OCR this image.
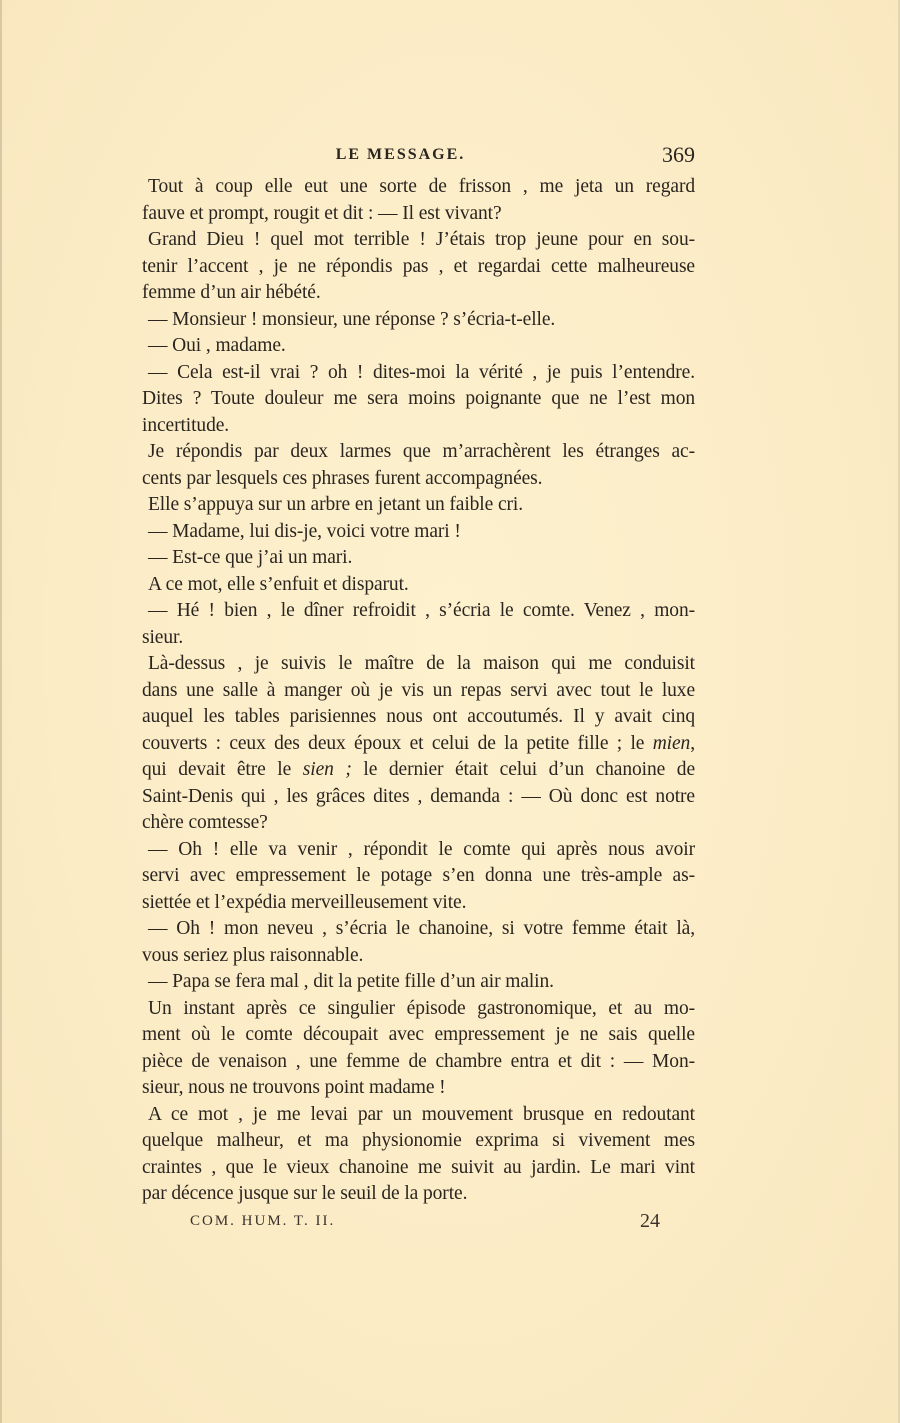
LE MESSAGE.	369
Tout à coup elle eut une sorte de frisson , me jeta un regard
fauve et prompt, rougit et dit : — Il est vivant?
Grand Dieu ! quel mot terrible ! J’étais trop jeune pour en sou-
tenir l’accent , je ne répondis pas , et regardai cette malheureuse
femme d’un air hébété.
— Monsieur ! monsieur, une réponse ? s’écria-t-elle.
— Oui , madame.
— Cela est-il vrai ? oh ! dites-moi la vérité , je puis l’entendre.
Dites ? Toute douleur me sera moins poignante que ne l’est mon
incertitude.
Je répondis par deux larmes que m’arrachèrent les étranges ac-
cents par lesquels ces phrases furent accompagnées.
Elle s’appuya sur un arbre en jetant un faible cri.
— Madame, lui dis-je, voici votre mari !
— Est-ce que j’ai un mari.
A ce mot, elle s’enfuit et disparut.
— Hé ! bien , le dîner refroidit , s’écria le comte. Venez , mon-
sieur.
Là-dessus , je suivis le maître de la maison qui me conduisit
dans une salle à manger où je vis un repas servi avec tout le luxe
auquel les tables parisiennes nous ont accoutumés. Il y avait cinq
couverts : ceux des deux époux et celui de la petite fille ; le mien,
qui devait être le sien ; le dernier était celui d’un chanoine de
Saint-Denis qui , les grâces dites , demanda : — Où donc est notre
chère comtesse?
— Oh ! elle va venir , répondit le comte qui après nous avoir
servi avec empressement le potage s’en donna une très-ample as-
siettée et l’expédia merveilleusement vite.
— Oh ! mon neveu , s’écria le chanoine, si votre femme était là,
vous seriez plus raisonnable.
— Papa se fera mal , dit la petite fille d’un air malin.
Un instant après ce singulier épisode gastronomique, et au mo-
ment où le comte découpait avec empressement je ne sais quelle
pièce de venaison , une femme de chambre entra et dit : — Mon-
sieur, nous ne trouvons point madame !
A ce mot , je me levai par un mouvement brusque en redoutant
quelque malheur, et ma physionomie exprima si vivement mes
craintes , que le vieux chanoine me suivit au jardin. Le mari vint
par décence jusque sur le seuil de la porte.
COM. HUM. T. II.	24
